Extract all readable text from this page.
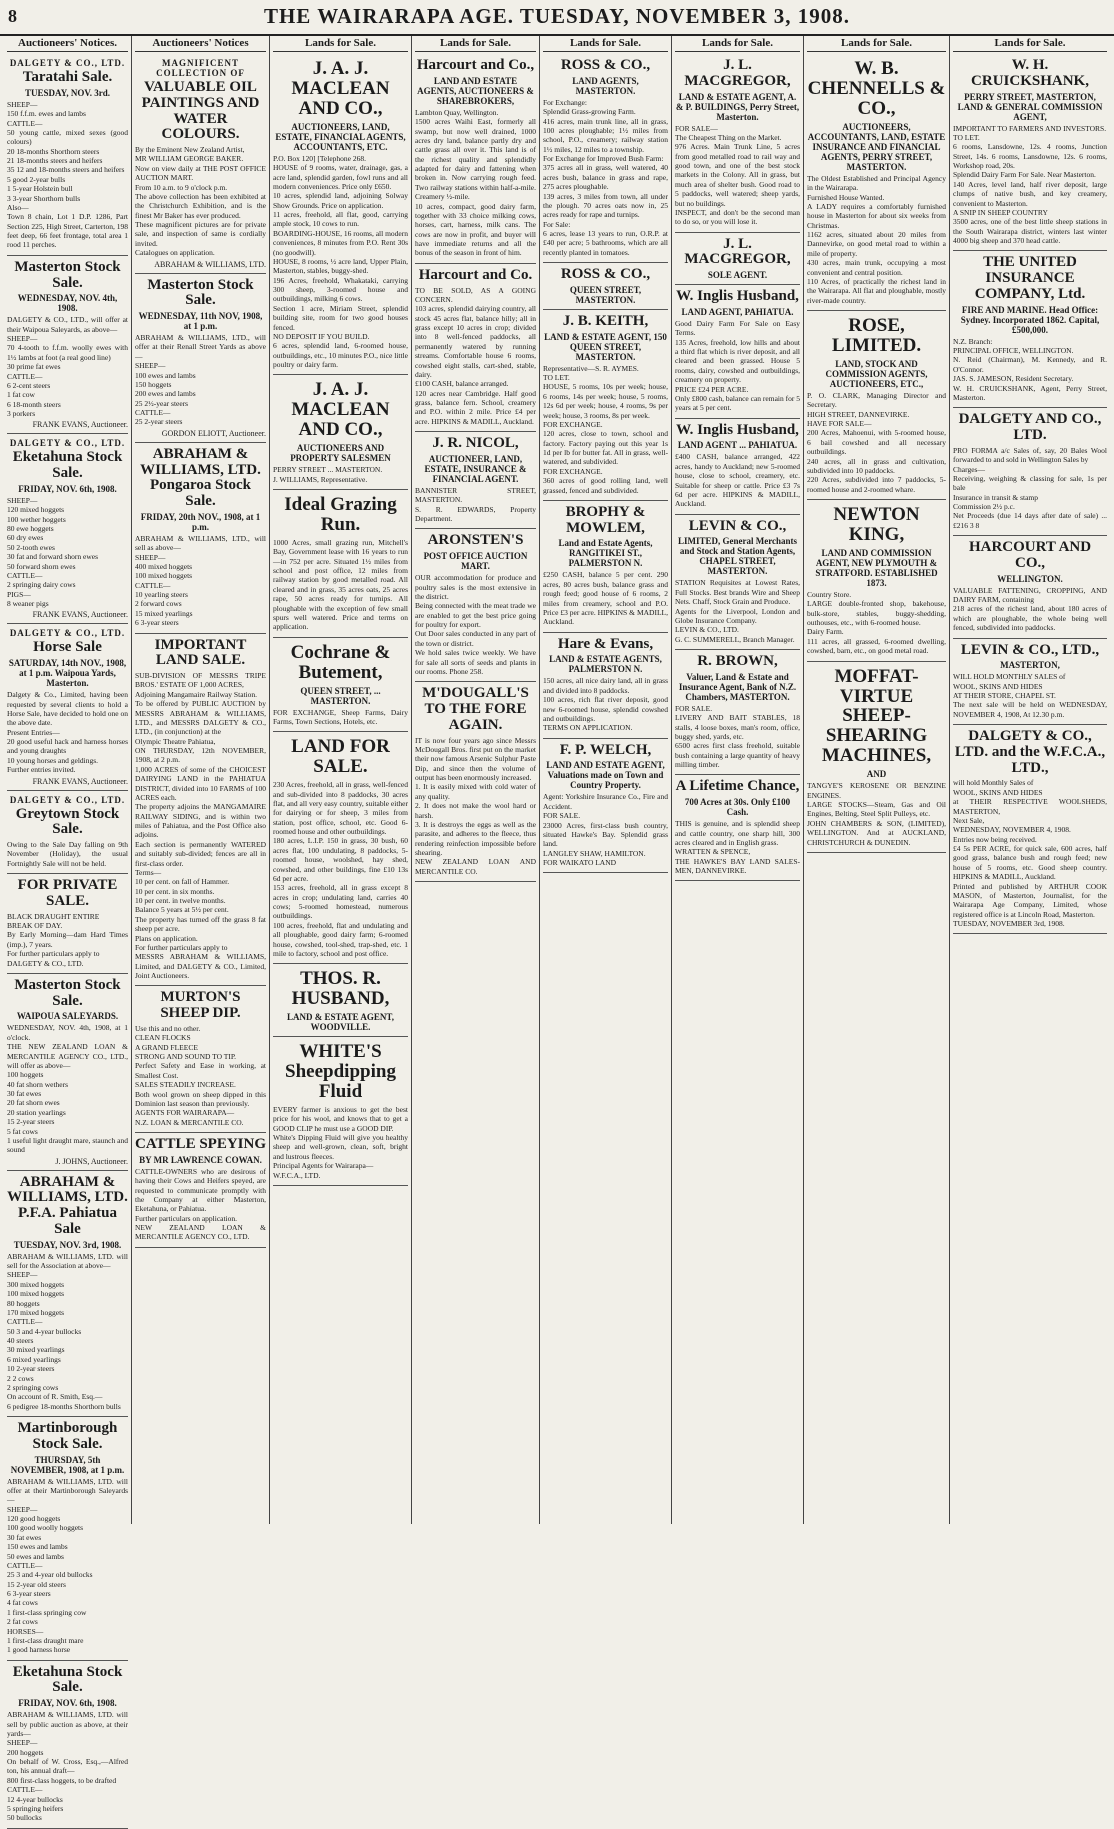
8	THE WAIRARAPA AGE. TUESDAY, NOVEMBER 3, 1908.
Auctioneers' Notices.
DALGETY & CO., LTD.
Taratahi Sale.
TUESDAY, NOV. 3rd.
SHEEP—
150 f.f.m. ewes and lambs
CATTLE—
50 young cattle, mixed sexes (good colours)
20 18-months Shorthorn steers
21 18-months steers and heifers
35 12 and 18-months steers and heifers
5 good 2-year bulls
1 5-year Holstein bull
3 3-year Shorthorn bulls
Also—
Town 8 chain, Lot 1 D.P. 1286, Part Section 225, High Street, Carterton, 198 feet deep, 66 feet frontage, total area 1 rood 11 perches.
Masterton Stock Sale.
WEDNESDAY, NOV. 4th, 1908.
DALGETY & CO., LTD., will offer at their Waipoua Saleyards, as above—
SHEEP—
70 4-tooth to f.f.m. woolly ewes with 1½ lambs at foot (a real good line)
30 prime fat ewes
CATTLE—
6 2-cent steers
1 fat cow
6 18-month steers
3 porkers
FRANK EVANS, Auctioneer.
DALGETY & CO., LTD.
Eketahuna Stock Sale.
FRIDAY, NOV. 6th, 1908.
SHEEP—
120 mixed hoggets
100 wether hoggets
80 ewe hoggets
60 dry ewes
50 2-tooth ewes
30 fat and forward shorn ewes
50 forward shorn ewes
CATTLE—
2 springing dairy cows
PIGS—
8 weaner pigs
FRANK EVANS, Auctioneer.
DALGETY & CO., LTD.
Horse Sale
SATURDAY, 14th NOV., 1908, at 1 p.m. Waipoua Yards, Masterton.
Dalgety & Co., Limited, having been requested by several clients to hold a Horse Sale, have decided to hold one on the above date.
Present Entries—
20 good useful hack and harness horses and young draughts
10 young horses and geldings.
Further entries invited.
FRANK EVANS, Auctioneer.
DALGETY & CO., LTD.
Greytown Stock Sale.
Owing to the Sale Day falling on 9th November (Holiday), the usual Fortnightly Sale will not be held.
FOR PRIVATE SALE.
BLACK DRAUGHT ENTIRE
BREAK OF DAY.
By Early Morning—dam Hard Times (imp.), 7 years.
For further particulars apply to
DALGETY & CO., LTD.
Masterton Stock Sale.
WAIPOUA SALEYARDS.
WEDNESDAY, NOV. 4th, 1908, at 1 o'clock.
THE NEW ZEALAND LOAN & MERCANTILE AGENCY CO., LTD., will offer as above—
100 hoggets
40 fat shorn wethers
30 fat ewes
20 fat shorn ewes
20 station yearlings
15 2-year steers
5 fat cows
1 useful light draught mare, staunch and sound
J. JOHNS, Auctioneer.
ABRAHAM & WILLIAMS, LTD. P.F.A. Pahiatua Sale
TUESDAY, NOV. 3rd, 1908.
ABRAHAM & WILLIAMS, LTD. will sell for the Association at above—
SHEEP—
300 mixed hoggets
100 mixed hoggets
80 hoggets
170 mixed hoggets
CATTLE—
50 3 and 4-year bullocks
40 steers
30 mixed yearlings
6 mixed yearlings
10 2-year steers
2 2 cows
2 springing cows
On account of R. Smith, Esq.—
6 pedigree 18-months Shorthorn bulls
Martinborough Stock Sale.
THURSDAY, 5th NOVEMBER, 1908, at 1 p.m.
ABRAHAM & WILLIAMS, LTD. will offer at their Martinborough Saleyards—
SHEEP—
120 good hoggets
100 good woolly hoggets
30 fat ewes
150 ewes and lambs
50 ewes and lambs
CATTLE—
25 3 and 4-year old bullocks
15 2-year old steers
6 3-year steers
4 fat cows
1 first-class springing cow
2 fat cows
HORSES—
1 first-class draught mare
1 good harness horse
Eketahuna Stock Sale.
FRIDAY, NOV. 6th, 1908.
ABRAHAM & WILLIAMS, LTD. will sell by public auction as above, at their yards—
SHEEP—
200 hoggets
On behalf of W. Cross, Esq.,—Alfred ton, his annual draft—
800 first-class hoggets, to be drafted
CATTLE—
12 4-year bullocks
5 springing heifers
50 bullocks
Auctioneers' Notices
MAGNIFICENT COLLECTION OF
VALUABLE OIL PAINTINGS AND WATER COLOURS.
By the Eminent New Zealand Artist,
MR WILLIAM GEORGE BAKER.
Now on view daily at THE POST OFFICE AUCTION MART.
From 10 a.m. to 9 o'clock p.m.
The above collection has been exhibited at the Christchurch Exhibition, and is the finest Mr Baker has ever produced.
These magnificent pictures are for private sale, and inspection of same is cordially invited.
Catalogues on application.
ABRAHAM & WILLIAMS, LTD.
Masterton Stock Sale.
WEDNESDAY, 11th NOV, 1908, at 1 p.m.
ABRAHAM & WILLIAMS, LTD., will offer at their Renall Street Yards as above—
SHEEP—
100 ewes and lambs
150 hoggets
200 ewes and lambs
25 2½-year steers
CATTLE—
25 2-year steers
GORDON ELIOTT, Auctioneer.
ABRAHAM & WILLIAMS, LTD. Pongaroa Stock Sale.
FRIDAY, 20th NOV., 1908, at 1 p.m.
ABRAHAM & WILLIAMS, LTD., will sell as above—
SHEEP—
400 mixed hoggets
100 mixed hoggets
CATTLE—
10 yearling steers
2 forward cows
15 mixed yearlings
6 3-year steers
IMPORTANT LAND SALE.
SUB-DIVISION OF MESSRS TRIPE BROS.' ESTATE OF 1,000 ACRES,
Adjoining Mangamaire Railway Station.
To be offered by PUBLIC AUCTION by MESSRS ABRAHAM & WILLIAMS, LTD., and MESSRS DALGETY & CO., LTD., (in conjunction) at the
Olympic Theatre Pahiatua,
ON THURSDAY, 12th NOVEMBER, 1908, at 2 p.m.
1,000 ACRES of some of the CHOICEST DAIRYING LAND in the PAHIATUA DISTRICT, divided into 10 FARMS of 100 ACRES each.
The property adjoins the MANGAMAIRE RAILWAY SIDING, and is within two miles of Pahiatua, and the Post Office also adjoins.
Each section is permanently WATERED and suitably sub-divided; fences are all in first-class order.
Terms—
10 per cent. on fall of Hammer.
10 per cent. in six months.
10 per cent. in twelve months.
Balance 5 years at 5½ per cent.
The property has turned off the grass 8 fat sheep per acre.
Plans on application.
For further particulars apply to
MESSRS ABRAHAM & WILLIAMS, Limited, and DALGETY & CO., Limited, Joint Auctioneers.
MURTON'S SHEEP DIP.
Use this and no other.
CLEAN FLOCKS
A GRAND FLEECE
STRONG AND SOUND TO TIP.
Perfect Safety and Ease in working, at Smallest Cost.
SALES STEADILY INCREASE.
Both wool grown on sheep dipped in this Dominion last season than previously.
AGENTS FOR WAIRARAPA—
N.Z. LOAN & MERCANTILE CO.
CATTLE SPEYING
BY MR LAWRENCE COWAN.
CATTLE-OWNERS who are desirous of having their Cows and Heifers speyed, are requested to communicate promptly with the Company at either Masterton, Eketahuna, or Pahiatua.
Further particulars on application.
NEW ZEALAND LOAN & MERCANTILE AGENCY CO., LTD.
Lands for Sale.
J. A. J. MACLEAN AND CO.,
AUCTIONEERS, LAND, ESTATE, FINANCIAL AGENTS, ACCOUNTANTS, ETC.
P.O. Box 120] [Telephone 268.
HOUSE of 9 rooms, water, drainage, gas, a acre land, splendid garden, fowl runs and all modern conveniences. Price only £650.
10 acres, splendid land, adjoining Solway Show Grounds. Price on application.
11 acres, freehold, all flat, good, carrying ample stock, 10 cows to run.
BOARDING-HOUSE, 16 rooms, all modern conveniences, 8 minutes from P.O. Rent 30s (no goodwill).
HOUSE, 8 rooms, ½ acre land, Upper Plain, Masterton, stables, buggy-shed.
196 Acres, freehold, Whakataki, carrying 300 sheep, 3-roomed house and outbuildings, milking 6 cows.
Section 1 acre, Miriam Street, splendid building site, room for two good houses fenced.
NO DEPOSIT IF YOU BUILD.
6 acres, splendid land, 6-roomed house, outbuildings, etc., 10 minutes P.O., nice little poultry or dairy farm.
J. A. J. MACLEAN AND CO.,
AUCTIONEERS AND PROPERTY SALESMEN
PERRY STREET ... MASTERTON.
J. WILLIAMS, Representative.
Ideal Grazing Run.
1000 Acres, small grazing run, Mitchell's Bay, Government lease with 16 years to run—in 752 per acre. Situated 1½ miles from school and post office, 12 miles from railway station by good metalled road. All cleared and in grass, 35 acres oats, 25 acres rape, 50 acres ready for turnips. All ploughable with the exception of few small spurs well watered. Price and terms on application.
Cochrane & Butement,
QUEEN STREET, ... MASTERTON.
FOR EXCHANGE, Sheep Farms, Dairy Farms, Town Sections, Hotels, etc.
LAND FOR SALE.
230 Acres, freehold, all in grass, well-fenced and sub-divided into 8 paddocks, 30 acres flat, and all very easy country, suitable either for dairying or for sheep, 3 miles from station, post office, school, etc. Good 6-roomed house and other outbuildings.
180 acres, L.I.P. 150 in grass, 30 bush, 60 acres flat, 100 undulating, 8 paddocks, 5-roomed house, woolshed, hay shed, cowshed, and other buildings, fine £10 13s 6d per acre.
153 acres, freehold, all in grass except 8 acres in crop; undulating land, carries 40 cows; 5-roomed homestead, numerous outbuildings.
100 acres, freehold, flat and undulating and all ploughable, good dairy farm; 6-roomed house, cowshed, tool-shed, trap-shed, etc. 1 mile to factory, school and post office.
THOS. R. HUSBAND,
LAND & ESTATE AGENT, WOODVILLE.
WHITE'S Sheepdipping Fluid
EVERY farmer is anxious to get the best price for his wool, and knows that to get a GOOD CLIP he must use a GOOD DIP.
White's Dipping Fluid will give you healthy sheep and well-grown, clean, soft, bright and lustrous fleeces.
Principal Agents for Wairarapa—
W.F.C.A., LTD.
Lands for Sale.
Harcourt and Co.,
LAND AND ESTATE AGENTS, AUCTIONEERS & SHAREBROKERS,
Lambton Quay, Wellington.
1500 acres Waihi East, formerly all swamp, but now well drained, 1000 acres dry land, balance partly dry and cattle grass all over it. This land is of the richest quality and splendidly adapted for dairy and fattening when broken in. Now carrying rough feed. Two railway stations within half-a-mile. Creamery ½-mile.
10 acres, compact, good dairy farm, together with 33 choice milking cows, horses, cart, harness, milk cans. The cows are now in profit, and buyer will have immediate returns and all the bonus of the season in front of him.
Harcourt and Co.
TO BE SOLD, AS A GOING CONCERN.
103 acres, splendid dairying country, all stock 45 acres flat, balance hilly; all in grass except 10 acres in crop; divided into 8 well-fenced paddocks, all permanently watered by running streams. Comfortable house 6 rooms, cowshed eight stalls, cart-shed, stable, dairy.
£100 CASH, balance arranged.
120 acres near Cambridge. Half good grass, balance fern. School, creamery and P.O. within 2 mile. Price £4 per acre. HIPKINS & MADILL, Auckland.
J. R. NICOL,
AUCTIONEER, LAND, ESTATE, INSURANCE & FINANCIAL AGENT.
BANNISTER STREET, MASTERTON.
S. R. EDWARDS, Property Department.
ARONSTEN'S
POST OFFICE AUCTION MART.
OUR accommodation for produce and poultry sales is the most extensive in the district.
Being connected with the meat trade we are enabled to get the best price going for poultry for export.
Out Door sales conducted in any part of the town or district.
We hold sales twice weekly. We have for sale all sorts of seeds and plants in our rooms. Phone 258.
M'DOUGALL'S TO THE FORE AGAIN.
IT is now four years ago since Messrs McDougall Bros. first put on the market their now famous Arsenic Sulphur Paste Dip, and since then the volume of output has been enormously increased.
1. It is easily mixed with cold water of any quality.
2. It does not make the wool hard or harsh.
3. It is destroys the eggs as well as the parasite, and adheres to the fleece, thus rendering reinfection impossible before shearing.
NEW ZEALAND LOAN AND MERCANTILE CO.
Lands for Sale.
ROSS & CO.,
LAND AGENTS, MASTERTON.
For Exchange:
Splendid Grass-growing Farm.
416 acres, main trunk line, all in grass, 100 acres ploughable; 1½ miles from school, P.O., creamery; railway station 1½ miles, 12 miles to a township.
For Exchange for Improved Bush Farm:
375 acres all in grass, well watered, 40 acres bush, balance in grass and rape, 275 acres ploughable.
139 acres, 3 miles from town, all under the plough. 70 acres oats now in, 25 acres ready for rape and turnips.
For Sale:
6 acres, lease 13 years to run, O.R.P. at £40 per acre; 5 bathrooms, which are all recently planted in tomatoes.
ROSS & CO.,
QUEEN STREET, MASTERTON.
J. B. KEITH,
LAND & ESTATE AGENT, 150 QUEEN STREET, MASTERTON.
Representative—S. R. AYMES.
TO LET.
HOUSE, 5 rooms, 10s per week; house, 6 rooms, 14s per week; house, 5 rooms, 12s 6d per week; house, 4 rooms, 9s per week; house, 3 rooms, 8s per week.
FOR EXCHANGE.
120 acres, close to town, school and factory. Factory paying out this year 1s 1d per lb for butter fat. All in grass, well-watered, and subdivided.
FOR EXCHANGE.
360 acres of good rolling land, well grassed, fenced and subdivided.
BROPHY & MOWLEM,
Land and Estate Agents, RANGITIKEI ST., PALMERSTON N.
£250 CASH, balance 5 per cent. 290 acres, 80 acres bush, balance grass and rough feed; good house of 6 rooms, 2 miles from creamery, school and P.O. Price £3 per acre. HIPKINS & MADILL, Auckland.
Hare & Evans,
LAND & ESTATE AGENTS, PALMERSTON N.
150 acres, all nice dairy land, all in grass and divided into 8 paddocks.
100 acres, rich flat river deposit, good new 6-roomed house, splendid cowshed and outbuildings.
TERMS ON APPLICATION.
F. P. WELCH,
LAND AND ESTATE AGENT, Valuations made on Town and Country Property.
Agent: Yorkshire Insurance Co., Fire and Accident.
FOR SALE.
23000 Acres, first-class bush country, situated Hawke's Bay. Splendid grass land.
LANGLEY SHAW, HAMILTON.
FOR WAIKATO LAND
Lands for Sale.
J. L. MACGREGOR,
LAND & ESTATE AGENT, A. & P. BUILDINGS, Perry Street, Masterton.
FOR SALE—
The Cheapest Thing on the Market.
976 Acres. Main Trunk Line, 5 acres from good metalled road to rail way and good town, and one of the best stock markets in the Colony. All in grass, but much area of shelter bush. Good road to 5 paddocks, well watered; sheep yards, but no buildings.
INSPECT, and don't be the second man to do so, or you will lose it.
J. L. MACGREGOR,
SOLE AGENT.
W. Inglis Husband,
LAND AGENT, PAHIATUA.
Good Dairy Farm For Sale on Easy Terms.
135 Acres, freehold, low hills and about a third flat which is river deposit, and all cleared and been grassed. House 5 rooms, dairy, cowshed and outbuildings, creamery on property.
PRICE £24 PER ACRE.
Only £800 cash, balance can remain for 5 years at 5 per cent.
W. Inglis Husband,
LAND AGENT ... PAHIATUA.
£400 CASH, balance arranged, 422 acres, handy to Auckland; new 5-roomed house, close to school, creamery, etc. Suitable for sheep or cattle. Price £3 7s 6d per acre. HIPKINS & MADILL, Auckland.
LEVIN & CO.,
LIMITED, General Merchants and Stock and Station Agents, CHAPEL STREET, MASTERTON.
STATION Requisites at Lowest Rates, Full Stocks. Best brands Wire and Sheep Nets. Chaff, Stock Grain and Produce.
Agents for the Liverpool, London and Globe Insurance Company.
LEVIN & CO., LTD.
G. C. SUMMERELL, Branch Manager.
R. BROWN,
Valuer, Land & Estate and Insurance Agent, Bank of N.Z. Chambers, MASTERTON.
FOR SALE.
LIVERY AND BAIT STABLES, 18 stalls, 4 loose boxes, man's room, office, buggy shed, yards, etc.
6500 acres first class freehold, suitable bush containing a large quantity of heavy milling timber.
A Lifetime Chance,
700 Acres at 30s. Only £100 Cash.
THIS is genuine, and is splendid sheep and cattle country, one sharp hill, 300 acres cleared and in English grass.
WRATTEN & SPENCE,
THE HAWKE'S BAY LAND SALES-MEN, DANNEVIRKE.
Lands for Sale.
W. B. CHENNELLS & CO.,
AUCTIONEERS, ACCOUNTANTS, LAND, ESTATE INSURANCE AND FINANCIAL AGENTS, PERRY STREET, MASTERTON.
The Oldest Established and Principal Agency in the Wairarapa.
Furnished House Wanted.
A LADY requires a comfortably furnished house in Masterton for about six weeks from Christmas.
1162 acres, situated about 20 miles from Dannevirke, on good metal road to within a mile of property.
430 acres, main trunk, occupying a most convenient and central position.
110 Acres, of practically the richest land in the Wairarapa. All flat and ploughable, mostly river-made country.
ROSE, LIMITED.
LAND, STOCK AND COMMISSION AGENTS, AUCTIONEERS, ETC.,
P. O. CLARK, Managing Director and Secretary.
HIGH STREET, DANNEVIRKE.
HAVE FOR SALE—
200 Acres, Mahoenui, with 5-roomed house, 6 bail cowshed and all necessary outbuildings.
240 acres, all in grass and cultivation, subdivided into 10 paddocks.
220 Acres, subdivided into 7 paddocks, 5-roomed house and 2-roomed whare.
NEWTON KING,
LAND AND COMMISSION AGENT, NEW PLYMOUTH & STRATFORD. ESTABLISHED 1873.
Country Store.
LARGE double-fronted shop, bakehouse, bulk-store, stables, buggy-shedding, outhouses, etc., with 6-roomed house.
Dairy Farm.
111 acres, all grassed, 6-roomed dwelling, cowshed, barn, etc., on good metal road.
MOFFAT-VIRTUE SHEEP-SHEARING MACHINES,
AND
TANGYE'S KEROSENE OR BENZINE ENGINES.
LARGE STOCKS—Steam, Gas and Oil Engines, Belting, Steel Split Pulleys, etc.
JOHN CHAMBERS & SON, (LIMITED), WELLINGTON. And at AUCKLAND, CHRISTCHURCH & DUNEDIN.
Lands for Sale.
W. H. CRUICKSHANK,
PERRY STREET, MASTERTON, LAND & GENERAL COMMISSION AGENT,
IMPORTANT TO FARMERS AND INVESTORS.
TO LET.
6 rooms, Lansdowne, 12s. 4 rooms, Junction Street, 14s. 6 rooms, Lansdowne, 12s. 6 rooms, Workshop road, 20s.
Splendid Dairy Farm For Sale. Near Masterton.
140 Acres, level land, half river deposit, large clumps of native bush, and key creamery, convenient to Masterton.
A SNIP IN SHEEP COUNTRY
3500 acres, one of the best little sheep stations in the South Wairarapa district, winters last winter 4000 big sheep and 370 head cattle.
THE UNITED INSURANCE COMPANY, Ltd.
FIRE AND MARINE. Head Office: Sydney. Incorporated 1862. Capital, £500,000.
N.Z. Branch:
PRINCIPAL OFFICE, WELLINGTON.
N. Reid (Chairman), M. Kennedy, and R. O'Connor.
JAS. S. JAMESON, Resident Secretary.
W. H. CRUICKSHANK, Agent, Perry Street, Masterton.
DALGETY AND CO., LTD.
PRO FORMA a/c Sales of, say, 20 Bales Wool forwarded to and sold in Wellington Sales by
Charges—
Receiving, weighing & classing for sale, 1s per bale
Insurance in transit & stamp
Commission 2½ p.c.
Net Proceeds (due 14 days after date of sale) ... £216 3 8
HARCOURT AND CO.,
WELLINGTON.
VALUABLE FATTENING, CROPPING, AND DAIRY FARM, containing
218 acres of the richest land, about 180 acres of which are ploughable, the whole being well fenced, subdivided into paddocks.
LEVIN & CO., LTD.,
MASTERTON,
WILL HOLD MONTHLY SALES of
WOOL, SKINS AND HIDES
AT THEIR STORE, CHAPEL ST.
The next sale will be held on WEDNESDAY, NOVEMBER 4, 1908, At 12.30 p.m.
DALGETY & CO., LTD. and the W.F.C.A., LTD.,
will hold Monthly Sales of
WOOL, SKINS AND HIDES
at THEIR RESPECTIVE WOOLSHEDS, MASTERTON,
Next Sale,
WEDNESDAY, NOVEMBER 4, 1908.
Entries now being received.
£4 5s PER ACRE, for quick sale, 600 acres, half good grass, balance bush and rough feed; new house of 5 rooms, etc. Good sheep country. HIPKINS & MADILL, Auckland.
Printed and published by ARTHUR COOK MASON, of Masterton, Journalist, for the Wairarapa Age Company, Limited, whose registered office is at Lincoln Road, Masterton.
TUESDAY, NOVEMBER 3rd, 1908.
